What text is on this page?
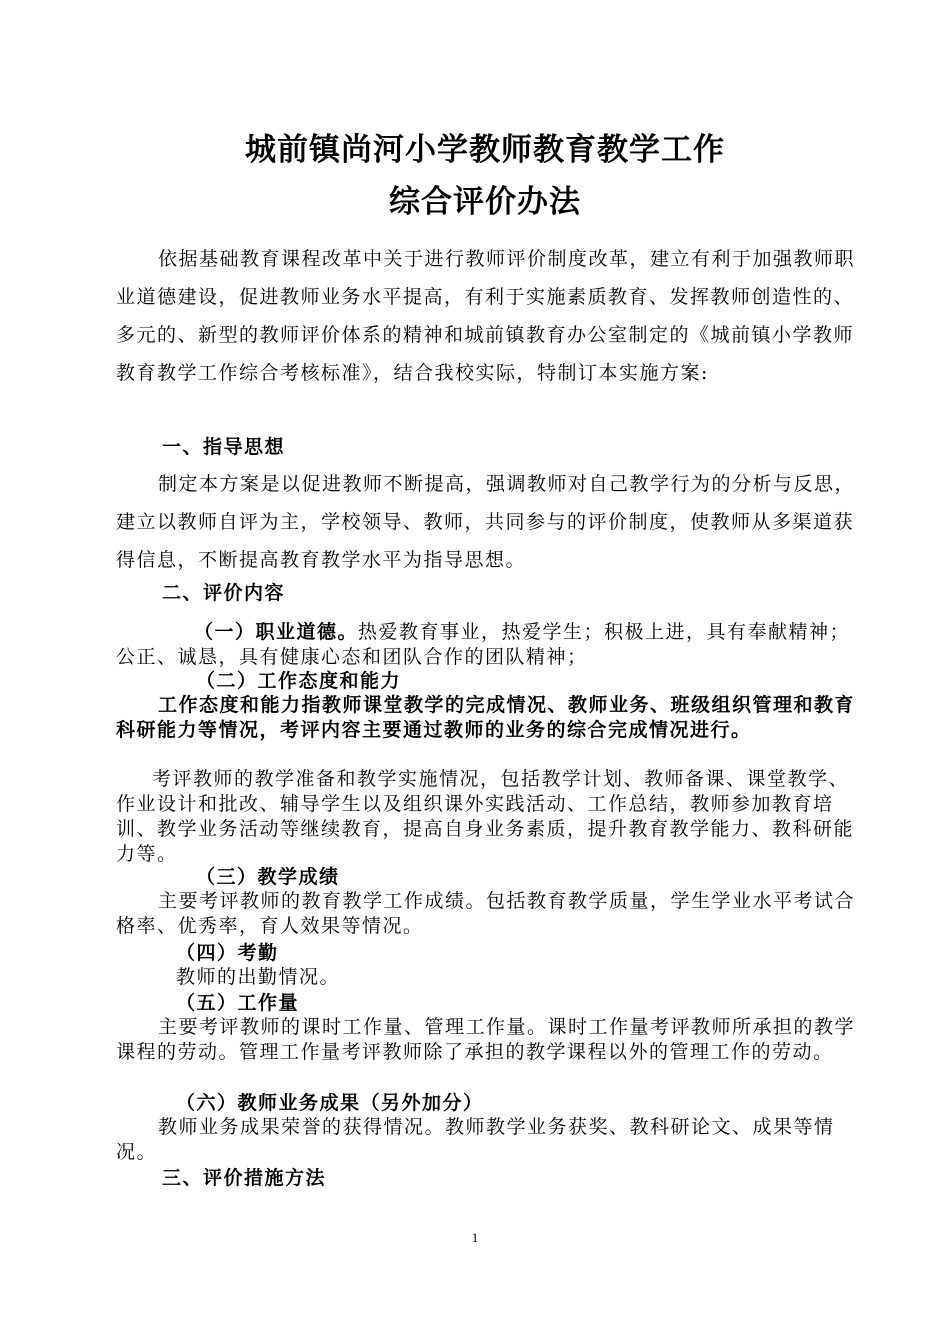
城前镇尚河小学教师教育教学工作
综合评价办法

依据基础教育课程改革中关于进行教师评价制度改革，建立有利于加强教师职业道德建设，促进教师业务水平提高，有利于实施素质教育、发挥教师创造性的、多元的、新型的教师评价体系的精神和城前镇教育办公室制定的《城前镇小学教师教育教学工作综合考核标准》，结合我校实际，特制订本实施方案:

一、指导思想

制定本方案是以促进教师不断提高，强调教师对自己教学行为的分析与反思，建立以教师自评为主，学校领导、教师，共同参与的评价制度，使教师从多渠道获得信息，不断提高教育教学水平为指导思想。

二、评价内容

（一）职业道德。热爱教育事业，热爱学生；积极上进，具有奉献精神；公正、诚恳，具有健康心态和团队合作的团队精神；

（二）工作态度和能力

工作态度和能力指教师课堂教学的完成情况、教师业务、班级组织管理和教育科研能力等情况，考评内容主要通过教师的业务的综合完成情况进行。

考评教师的教学准备和教学实施情况，包括教学计划、教师备课、课堂教学、作业设计和批改、辅导学生以及组织课外实践活动、工作总结，教师参加教育培训、教学业务活动等继续教育，提高自身业务素质，提升教育教学能力、教科研能力等。

（三）教学成绩

主要考评教师的教育教学工作成绩。包括教育教学质量，学生学业水平考试合格率、优秀率，育人效果等情况。

（四）考勤

教师的出勤情况。

（五）工作量

主要考评教师的课时工作量、管理工作量。课时工作量考评教师所承担的教学课程的劳动。管理工作量考评教师除了承担的教学课程以外的管理工作的劳动。

（六）教师业务成果（另外加分）

教师业务成果荣誉的获得情况。教师教学业务获奖、教科研论文、成果等情况。

三、评价措施方法
1
